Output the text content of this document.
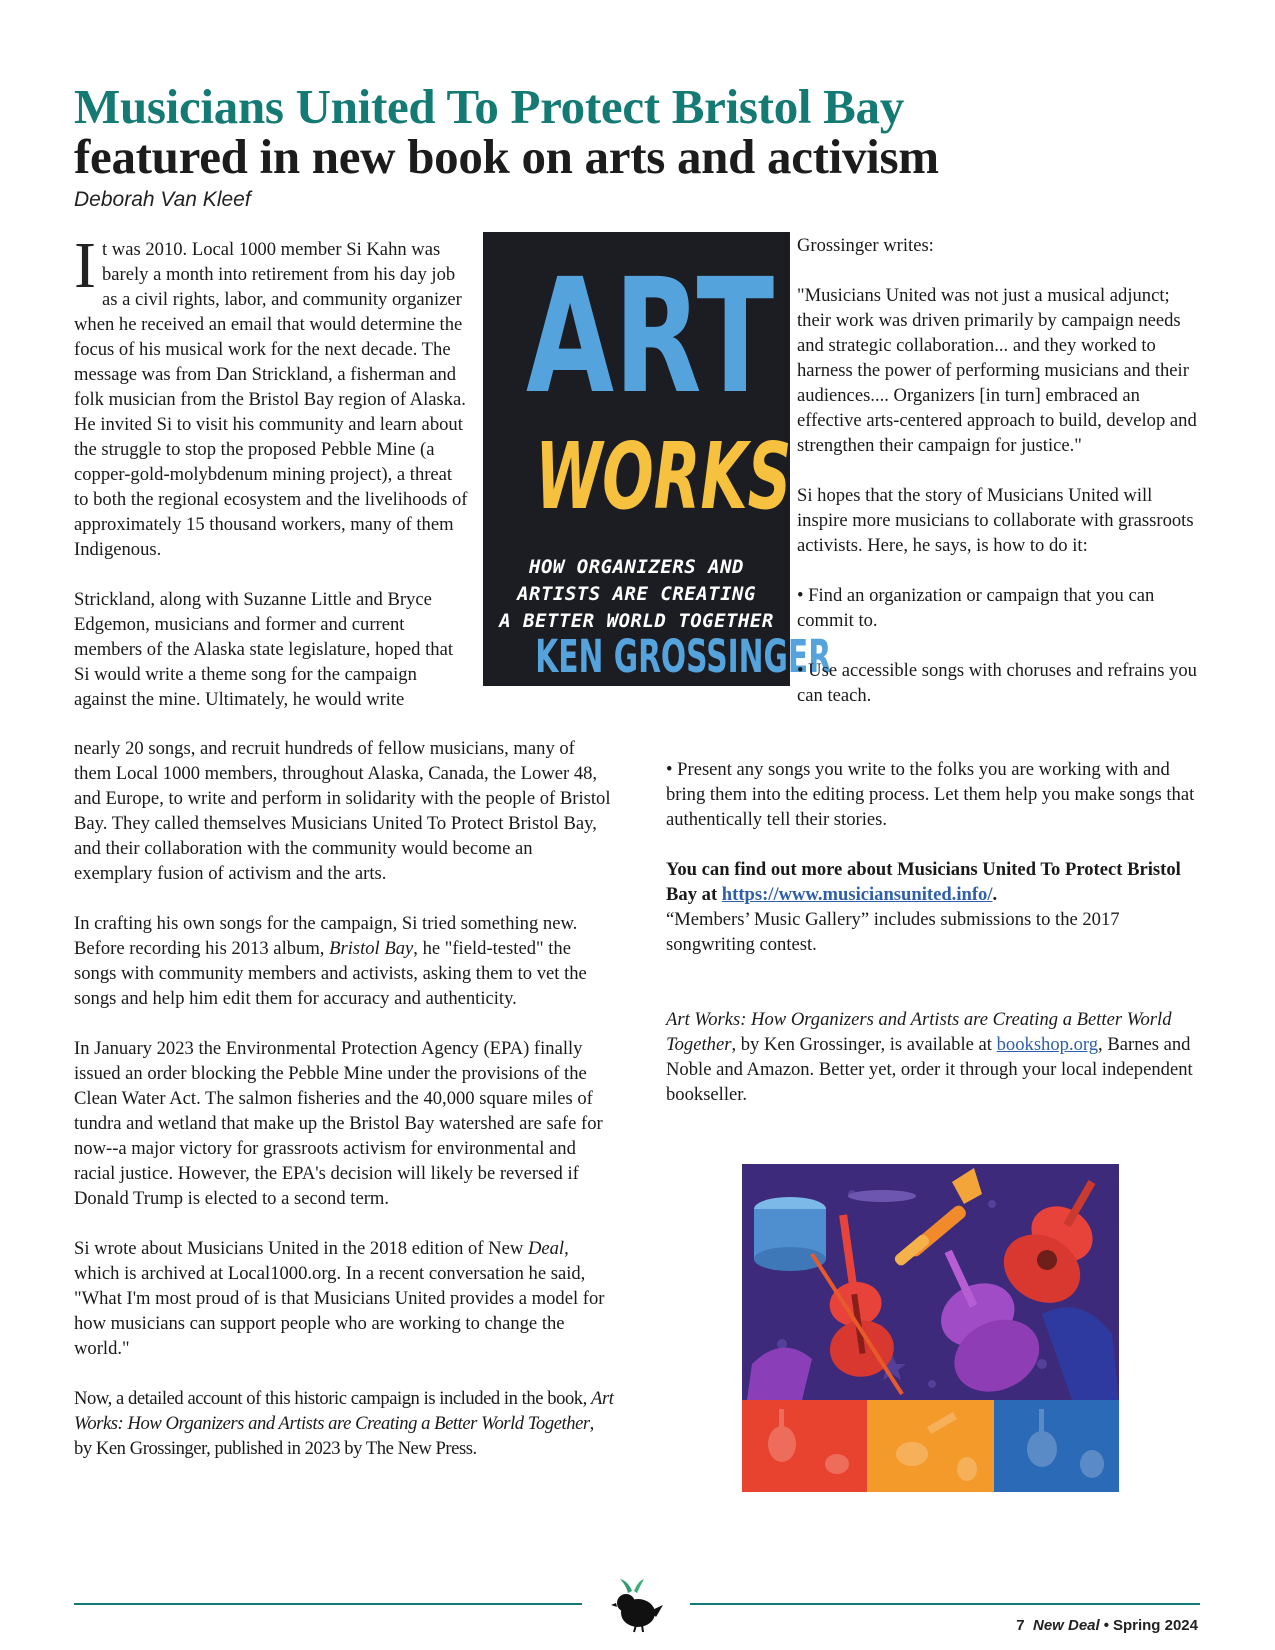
Musicians United To Protect Bristol Bay
featured in new book on arts and activism
Deborah Van Kleef

It was 2010. Local 1000 member Si Kahn was barely a month into retirement from his day job as a civil rights, labor, and community organizer when he received an email that would determine the focus of his musical work for the next decade. The message was from Dan Strickland, a fisherman and folk musician from the Bristol Bay region of Alaska. He invited Si to visit his community and learn about the struggle to stop the proposed Pebble Mine (a copper-gold-molybdenum mining project), a threat to both the regional ecosystem and the livelihoods of approximately 15 thousand workers, many of them Indigenous.

Strickland, along with Suzanne Little and Bryce Edgemon, musicians and former and current members of the Alaska state legislature, hoped that Si would write a theme song for the campaign against the mine. Ultimately, he would write

ART
WORKS
HOW ORGANIZERS AND
ARTISTS ARE CREATING
A BETTER WORLD TOGETHER
KEN GROSSINGER

nearly 20 songs, and recruit hundreds of fellow musicians, many of them Local 1000 members, throughout Alaska, Canada, the Lower 48, and Europe, to write and perform in solidarity with the people of Bristol Bay. They called themselves Musicians United To Protect Bristol Bay, and their collaboration with the community would become an exemplary fusion of activism and the arts.

In crafting his own songs for the campaign, Si tried something new. Before recording his 2013 album, Bristol Bay, he "field-tested" the songs with community members and activists, asking them to vet the songs and help him edit them for accuracy and authenticity.

In January 2023 the Environmental Protection Agency (EPA) finally issued an order blocking the Pebble Mine under the provisions of the Clean Water Act. The salmon fisheries and the 40,000 square miles of tundra and wetland that make up the Bristol Bay watershed are safe for now--a major victory for grassroots activism for environmental and racial justice. However, the EPA's decision will likely be reversed if Donald Trump is elected to a second term.

Si wrote about Musicians United in the 2018 edition of New Deal, which is archived at Local1000.org. In a recent conversation he said, "What I'm most proud of is that Musicians United provides a model for how musicians can support people who are working to change the world."

Now, a detailed account of this historic campaign is included in the book, Art Works: How Organizers and Artists are Creating a Better World Together, by Ken Grossinger, published in 2023 by The New Press.

Grossinger writes:

"Musicians United was not just a musical adjunct; their work was driven primarily by campaign needs and strategic collaboration... and they worked to harness the power of performing musicians and their audiences.... Organizers [in turn] embraced an effective arts-centered approach to build, develop and strengthen their campaign for justice."

Si hopes that the story of Musicians United will inspire more musicians to collaborate with grassroots activists. Here, he says, is how to do it:

• Find an organization or campaign that you can commit to.

• Use accessible songs with choruses and refrains you can teach.

• Present any songs you write to the folks you are working with and bring them into the editing process. Let them help you make songs that authentically tell their stories.

You can find out more about Musicians United To Protect Bristol Bay at https://www.musiciansunited.info/.
“Members’ Music Gallery” includes submissions to the 2017 songwriting contest.

Art Works: How Organizers and Artists are Creating a Better World Together, by Ken Grossinger, is available at bookshop.org, Barnes and Noble and Amazon. Better yet, order it through your local independent bookseller.

7 New Deal • Spring 2024
